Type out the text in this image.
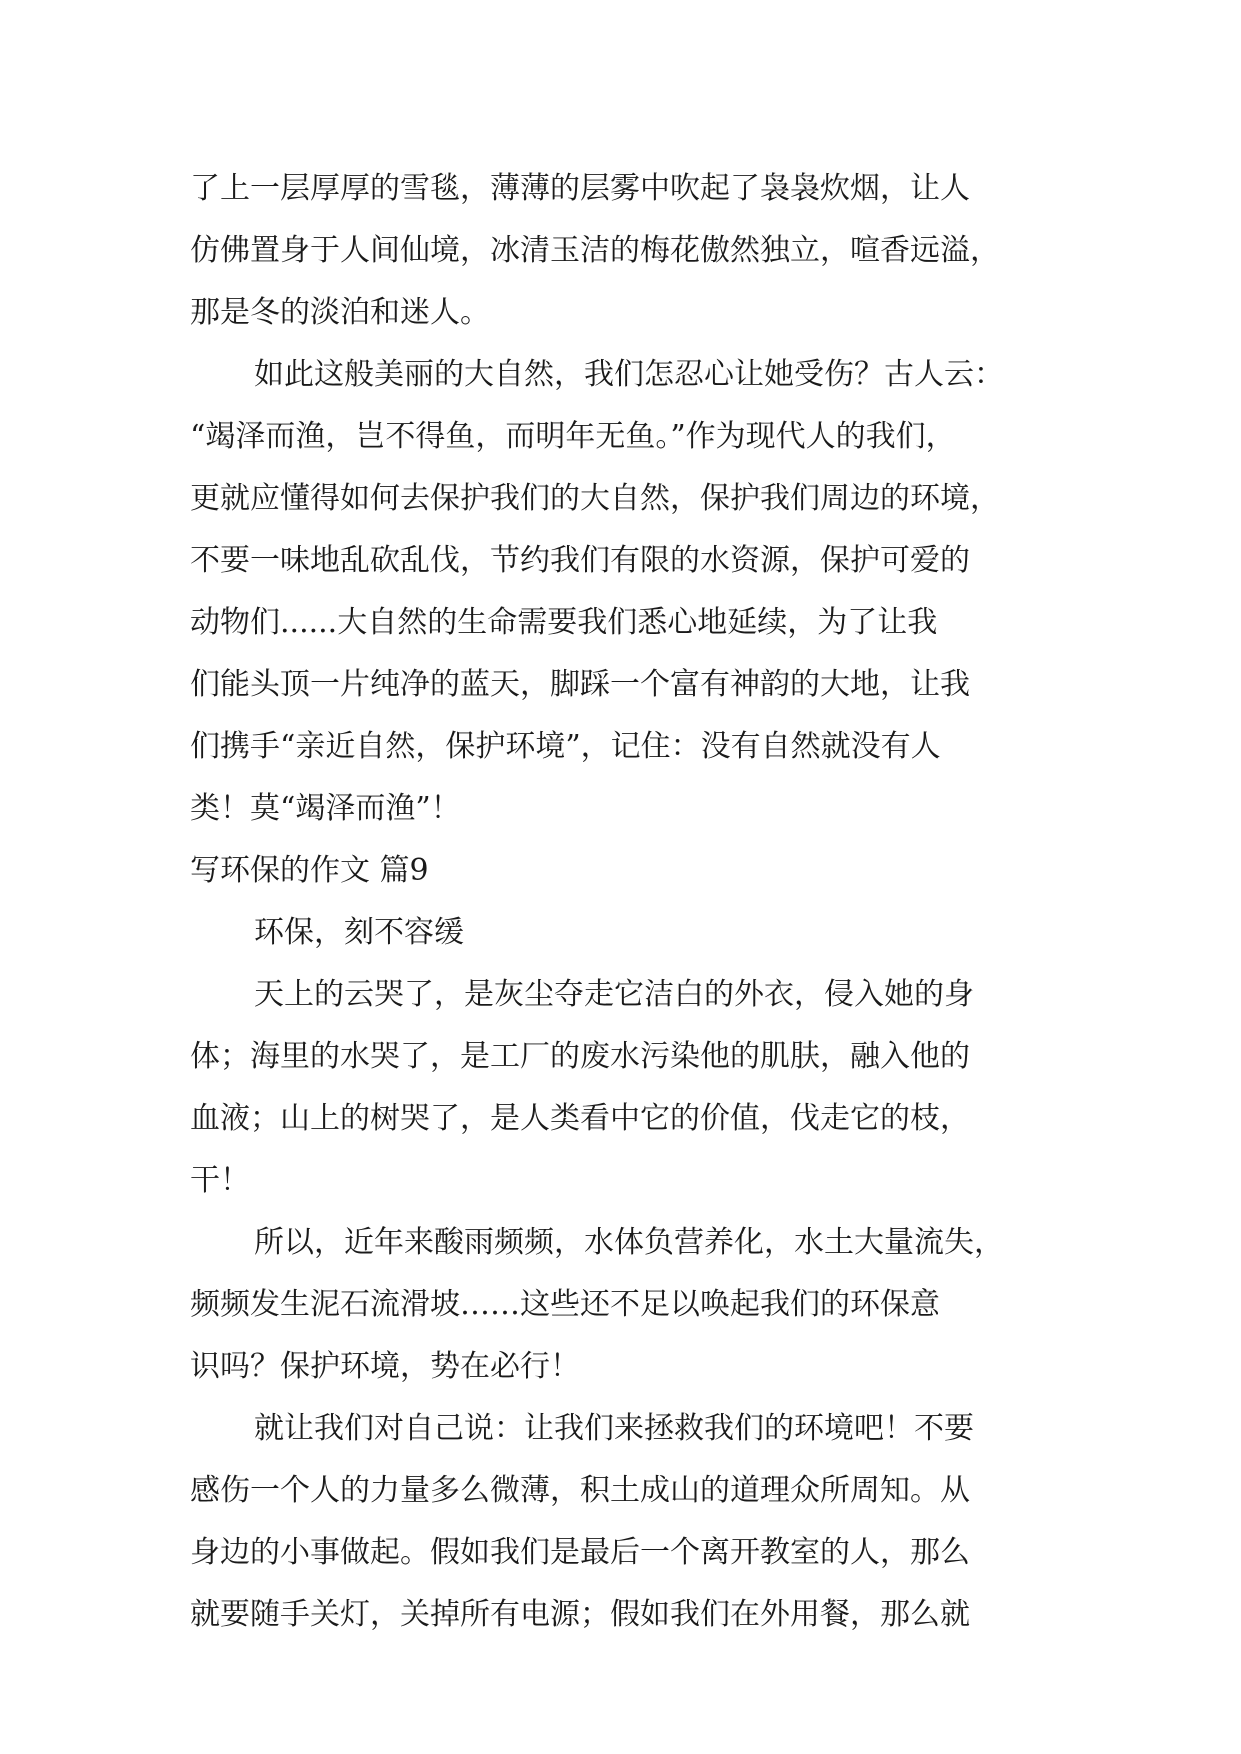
了上一层厚厚的雪毯，薄薄的层雾中吹起了袅袅炊烟，让人
仿佛置身于人间仙境，冰清玉洁的梅花傲然独立，喧香远溢，
那是冬的淡泊和迷人。
如此这般美丽的大自然，我们怎忍心让她受伤？古人云：
“竭泽而渔，岂不得鱼，而明年无鱼。”作为现代人的我们，
更就应懂得如何去保护我们的大自然，保护我们周边的环境，
不要一味地乱砍乱伐，节约我们有限的水资源，保护可爱的
动物们......大自然的生命需要我们悉心地延续，为了让我
们能头顶一片纯净的蓝天，脚踩一个富有神韵的大地，让我
们携手“亲近自然，保护环境”，记住：没有自然就没有人
类！莫“竭泽而渔”！
写环保的作文 篇9
环保，刻不容缓
天上的云哭了，是灰尘夺走它洁白的外衣，侵入她的身
体；海里的水哭了，是工厂的废水污染他的肌肤，融入他的
血液；山上的树哭了，是人类看中它的价值，伐走它的枝，
干！
所以，近年来酸雨频频，水体负营养化，水土大量流失，
频频发生泥石流滑坡……这些还不足以唤起我们的环保意
识吗？保护环境，势在必行！
就让我们对自己说：让我们来拯救我们的环境吧！不要
感伤一个人的力量多么微薄，积土成山的道理众所周知。从
身边的小事做起。假如我们是最后一个离开教室的人，那么
就要随手关灯，关掉所有电源；假如我们在外用餐，那么就
